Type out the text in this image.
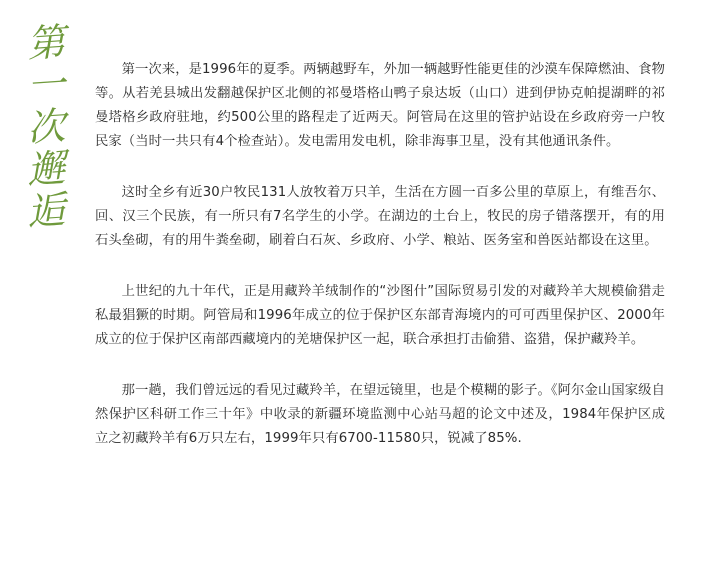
第
一
次
邂
逅

第一次来，是1996年的夏季。两辆越野车，外加一辆越野性能更佳的沙漠车保障燃油、食物等。从若羌县城出发翻越保护区北侧的祁曼塔格山鸭子泉达坂（山口）进到伊协克帕提湖畔的祁曼塔格乡政府驻地，约500公里的路程走了近两天。阿管局在这里的管护站设在乡政府旁一户牧民家（当时一共只有4个检查站）。发电需用发电机，除非海事卫星，没有其他通讯条件。

这时全乡有近30户牧民131人放牧着万只羊，生活在方圆一百多公里的草原上，有维吾尔、回、汉三个民族，有一所只有7名学生的小学。在湖边的土台上，牧民的房子错落摆开，有的用石头垒砌，有的用牛粪垒砌，刷着白石灰、乡政府、小学、粮站、医务室和兽医站都设在这里。

上世纪的九十年代，正是用藏羚羊绒制作的“沙图什”国际贸易引发的对藏羚羊大规模偷猎走私最猖獗的时期。阿管局和1996年成立的位于保护区东部青海境内的可可西里保护区、2000年成立的位于保护区南部西藏境内的羌塘保护区一起，联合承担打击偷猎、盗猎，保护藏羚羊。

那一趟，我们曾远远的看见过藏羚羊，在望远镜里，也是个模糊的影子。《阿尔金山国家级自然保护区科研工作三十年》中收录的新疆环境监测中心站马超的论文中述及，1984年保护区成立之初藏羚羊有6万只左右，1999年只有6700-11580只，锐减了85%.
